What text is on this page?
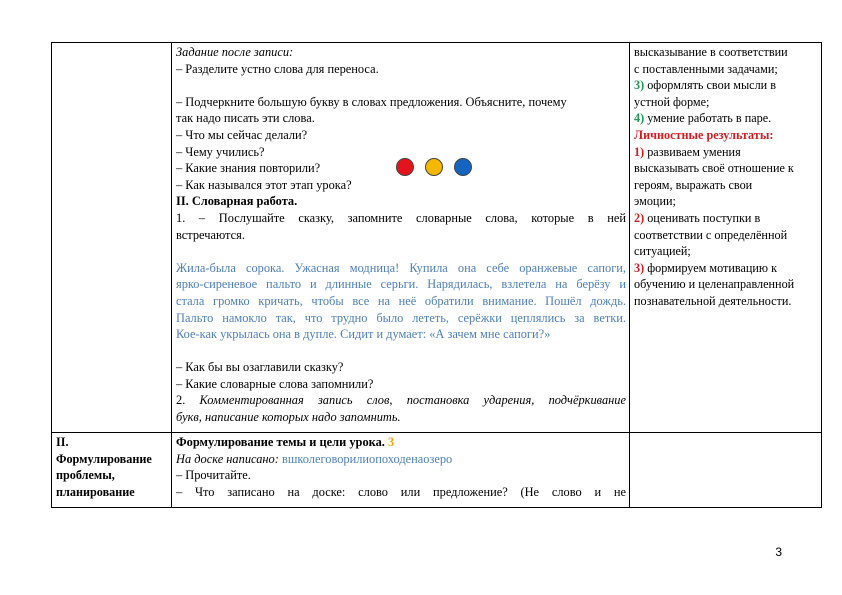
Задание после записи:
– Разделите устно слова для переноса.
– Подчеркните большую букву в словах предложения. Объясните, почему
так надо писать эти слова.
– Что мы сейчас делали?
– Чему учились?
– Какие знания повторили?
– Как назывался этот этап урока?
II. Словарная работа.
1. – Послушайте сказку, запомните словарные слова, которые в ней
встречаются.
Жила-была сорока. Ужасная модница! Купила она себе оранжевые сапоги,
ярко-сиреневое пальто и длинные серьги. Нарядилась, взлетела на берёзу и
стала громко кричать, чтобы все на неё обратили внимание. Пошёл дождь.
Пальто намокло так, что трудно было лететь, серёжки цеплялись за ветки.
Кое-как укрылась она в дупле. Сидит и думает: «А зачем мне сапоги?»
– Как бы вы озаглавили сказку?
– Какие словарные слова запомнили?
2. Комментированная запись слов, постановка ударения, подчёркивание
букв, написание которых надо запомнить.
высказывание в соответствии
с поставленными задачами;
3) оформлять свои мысли в
устной форме;
4) умение работать в паре.
Личностные результаты:
1) развиваем умения
высказывать своё отношение к
героям, выражать свои
эмоции;
2) оценивать поступки в
соответствии с определённой
ситуацией;
3) формируем мотивацию к
обучению и целенаправленной
познавательной деятельности.
II.
Формулирование
проблемы,
планирование
Формулирование темы и цели урока. 3
На доске написано: вшколеговорилиопоходенаозеро
– Прочитайте.
– Что записано на доске: слово или предложение? (Не слово и не
3
